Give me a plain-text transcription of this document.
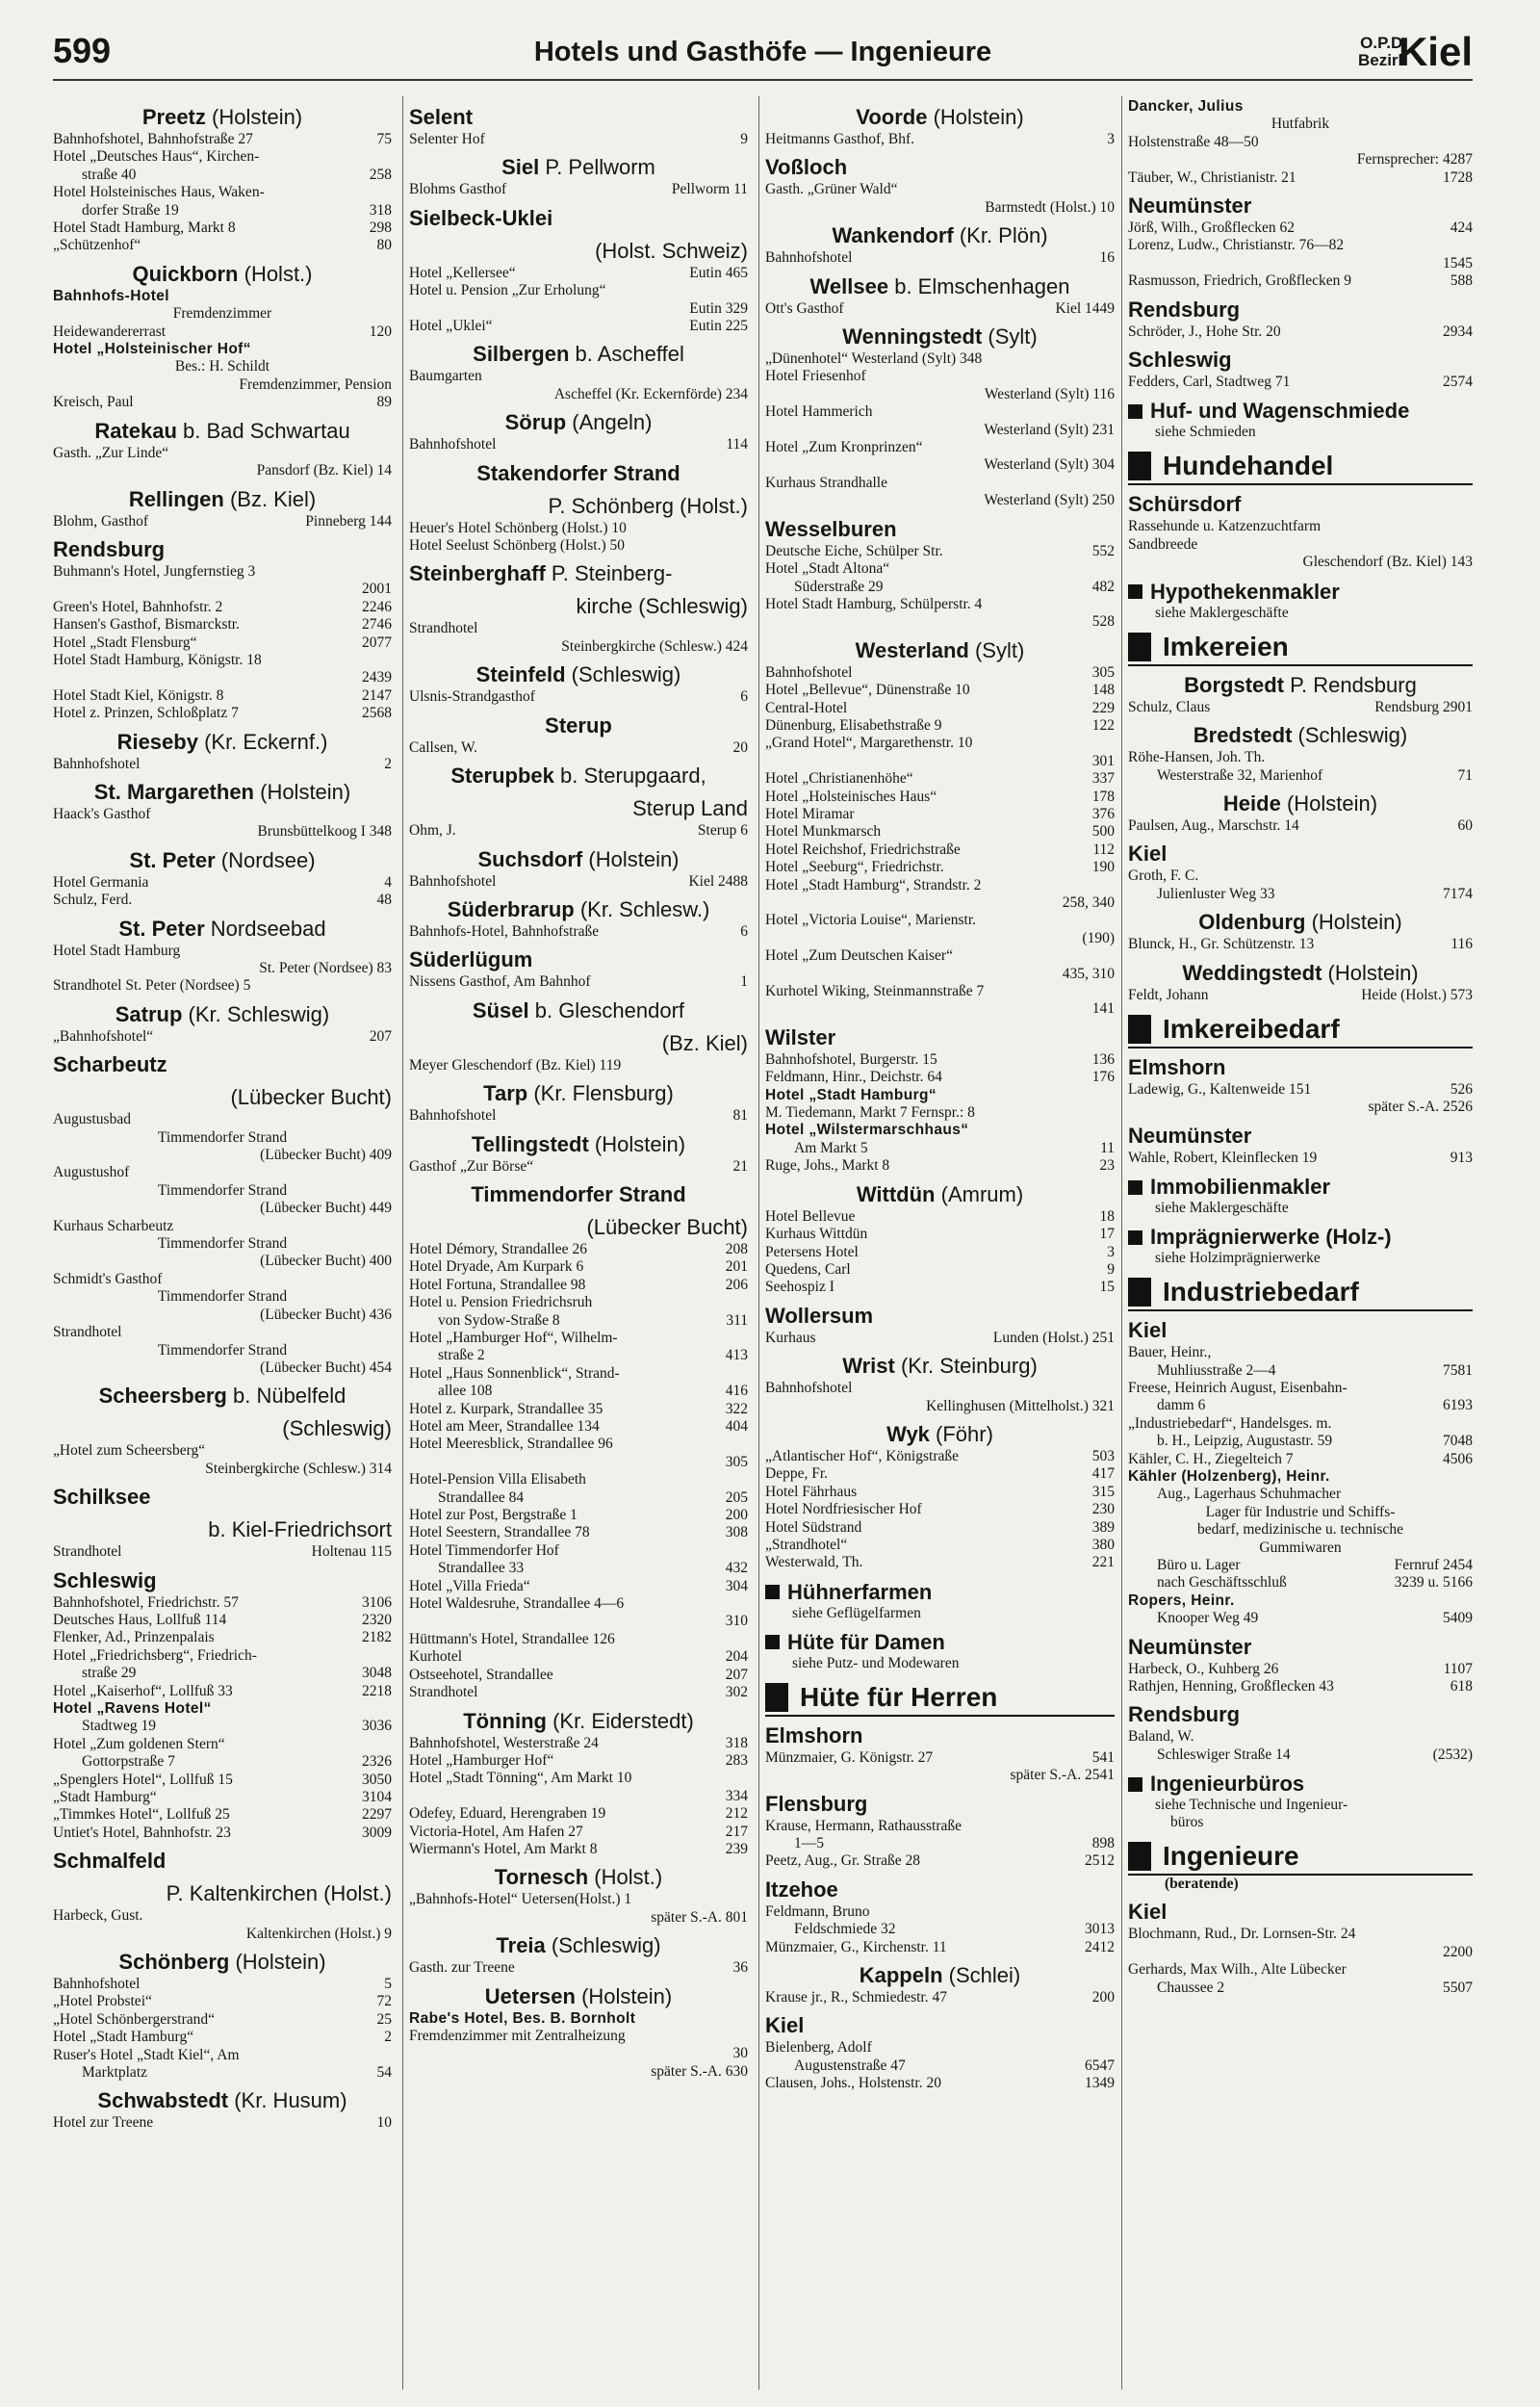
599	Hotels und Gasthöfe — Ingenieure	O.P.D.
Bezirk
Kiel
Preetz (Holstein)
Bahnhofshotel, Bahnhofstraße 27	75
Hotel „Deutsches Haus“, Kirchen-
straße 40	258
Hotel Holsteinisches Haus, Waken-
dorfer Straße 19	318
Hotel Stadt Hamburg, Markt 8	298
„Schützenhof“	80
Quickborn (Holst.)
Bahnhofs-Hotel
Fremdenzimmer
Heidewandererrast	120
Hotel „Holsteinischer Hof“
Bes.: H. Schildt
Fremdenzimmer, Pension
Kreisch, Paul	89
Ratekau b. Bad Schwartau
Gasth. „Zur Linde“
Pansdorf (Bz. Kiel) 14
Rellingen (Bz. Kiel)
Blohm, Gasthof	Pinneberg 144
Rendsburg
Buhmann's Hotel, Jungfernstieg 3
2001
Green's Hotel, Bahnhofstr. 2	2246
Hansen's Gasthof, Bismarckstr.	2746
Hotel „Stadt Flensburg“	2077
Hotel Stadt Hamburg, Königstr. 18
2439
Hotel Stadt Kiel, Königstr. 8	2147
Hotel z. Prinzen, Schloßplatz 7	2568
Rieseby (Kr. Eckernf.)
Bahnhofshotel	2
St. Margarethen (Holstein)
Haack's Gasthof
Brunsbüttelkoog I 348
St. Peter (Nordsee)
Hotel Germania	4
Schulz, Ferd.	48
St. Peter Nordseebad
Hotel Stadt Hamburg
St. Peter (Nordsee) 83
Strandhotel St. Peter (Nordsee) 5
Satrup (Kr. Schleswig)
„Bahnhofshotel“	207
Scharbeutz
(Lübecker Bucht)
Augustusbad
Timmendorfer Strand
(Lübecker Bucht) 409
Augustushof
Timmendorfer Strand
(Lübecker Bucht) 449
Kurhaus Scharbeutz
Timmendorfer Strand
(Lübecker Bucht) 400
Schmidt's Gasthof
Timmendorfer Strand
(Lübecker Bucht) 436
Strandhotel
Timmendorfer Strand
(Lübecker Bucht) 454
Scheersberg b. Nübelfeld
(Schleswig)
„Hotel zum Scheersberg“
Steinbergkirche (Schlesw.) 314
Schilksee
b. Kiel-Friedrichsort
Strandhotel	Holtenau 115
Schleswig
Bahnhofshotel, Friedrichstr. 57	3106
Deutsches Haus, Lollfuß 114	2320
Flenker, Ad., Prinzenpalais	2182
Hotel „Friedrichsberg“, Friedrich-
straße 29	3048
Hotel „Kaiserhof“, Lollfuß 33	2218
Hotel „Ravens Hotel“
Stadtweg 19	3036
Hotel „Zum goldenen Stern“
Gottorpstraße 7	2326
„Spenglers Hotel“, Lollfuß 15	3050
„Stadt Hamburg“	3104
„Timmkes Hotel“, Lollfuß 25	2297
Untiet's Hotel, Bahnhofstr. 23	3009
Schmalfeld
P. Kaltenkirchen (Holst.)
Harbeck, Gust.
Kaltenkirchen (Holst.) 9
Schönberg (Holstein)
Bahnhofshotel	5
„Hotel Probstei“	72
„Hotel Schönbergerstrand“	25
Hotel „Stadt Hamburg“	2
Ruser's Hotel „Stadt Kiel“, Am
Marktplatz	54
Schwabstedt (Kr. Husum)
Hotel zur Treene	10
Selent
Selenter Hof	9
Siel P. Pellworm
Blohms Gasthof	Pellworm 11
Sielbeck-Uklei
(Holst. Schweiz)
Hotel „Kellersee“	Eutin 465
Hotel u. Pension „Zur Erholung“
Eutin 329
Hotel „Uklei“	Eutin 225
Silbergen b. Ascheffel
Baumgarten
Ascheffel (Kr. Eckernförde) 234
Sörup (Angeln)
Bahnhofshotel	114
Stakendorfer Strand
P. Schönberg (Holst.)
Heuer's Hotel Schönberg (Holst.) 10
Hotel Seelust Schönberg (Holst.) 50
Steinberghaff P. Steinberg-
kirche (Schleswig)
Strandhotel
Steinbergkirche (Schlesw.) 424
Steinfeld (Schleswig)
Ulsnis-Strandgasthof	6
Sterup
Callsen, W.	20
Sterupbek b. Sterupgaard,
Sterup Land
Ohm, J.	Sterup 6
Suchsdorf (Holstein)
Bahnhofshotel	Kiel 2488
Süderbrarup (Kr. Schlesw.)
Bahnhofs-Hotel, Bahnhofstraße	6
Süderlügum
Nissens Gasthof, Am Bahnhof	1
Süsel b. Gleschendorf
(Bz. Kiel)
Meyer Gleschendorf (Bz. Kiel) 119
Tarp (Kr. Flensburg)
Bahnhofshotel	81
Tellingstedt (Holstein)
Gasthof „Zur Börse“	21
Timmendorfer Strand
(Lübecker Bucht)
Hotel Démory, Strandallee 26	208
Hotel Dryade, Am Kurpark 6	201
Hotel Fortuna, Strandallee 98	206
Hotel u. Pension Friedrichsruh
von Sydow-Straße 8	311
Hotel „Hamburger Hof“, Wilhelm-
straße 2	413
Hotel „Haus Sonnenblick“, Strand-
allee 108	416
Hotel z. Kurpark, Strandallee 35	322
Hotel am Meer, Strandallee 134	404
Hotel Meeresblick, Strandallee 96
305
Hotel-Pension Villa Elisabeth
Strandallee 84	205
Hotel zur Post, Bergstraße 1	200
Hotel Seestern, Strandallee 78	308
Hotel Timmendorfer Hof
Strandallee 33	432
Hotel „Villa Frieda“	304
Hotel Waldesruhe, Strandallee 4—6
310
Hüttmann's Hotel, Strandallee 126
Kurhotel	204
Ostseehotel, Strandallee	207
Strandhotel	302
Tönning (Kr. Eiderstedt)
Bahnhofshotel, Westerstraße 24	318
Hotel „Hamburger Hof“	283
Hotel „Stadt Tönning“, Am Markt 10
334
Odefey, Eduard, Herengraben 19	212
Victoria-Hotel, Am Hafen 27	217
Wiermann's Hotel, Am Markt 8	239
Tornesch (Holst.)
„Bahnhofs-Hotel“ Uetersen(Holst.) 1
später S.-A. 801
Treia (Schleswig)
Gasth. zur Treene	36
Uetersen (Holstein)
Rabe's Hotel, Bes. B. Bornholt
Fremdenzimmer mit Zentralheizung
30
später S.-A. 630
Voorde (Holstein)
Heitmanns Gasthof, Bhf.	3
Voßloch
Gasth. „Grüner Wald“
Barmstedt (Holst.) 10
Wankendorf (Kr. Plön)
Bahnhofshotel	16
Wellsee b. Elmschenhagen
Ott's Gasthof	Kiel 1449
Wenningstedt (Sylt)
„Dünenhotel“ Westerland (Sylt) 348
Hotel Friesenhof
Westerland (Sylt) 116
Hotel Hammerich
Westerland (Sylt) 231
Hotel „Zum Kronprinzen“
Westerland (Sylt) 304
Kurhaus Strandhalle
Westerland (Sylt) 250
Wesselburen
Deutsche Eiche, Schülper Str.	552
Hotel „Stadt Altona“
Süderstraße 29	482
Hotel Stadt Hamburg, Schülperstr. 4
528
Westerland (Sylt)
Bahnhofshotel	305
Hotel „Bellevue“, Dünenstraße 10	148
Central-Hotel	229
Dünenburg, Elisabethstraße 9	122
„Grand Hotel“, Margarethenstr. 10
301
Hotel „Christianenhöhe“	337
Hotel „Holsteinisches Haus“	178
Hotel Miramar	376
Hotel Munkmarsch	500
Hotel Reichshof, Friedrichstraße	112
Hotel „Seeburg“, Friedrichstr.	190
Hotel „Stadt Hamburg“, Strandstr. 2
258, 340
Hotel „Victoria Louise“, Marienstr.
(190)
Hotel „Zum Deutschen Kaiser“
435, 310
Kurhotel Wiking, Steinmannstraße 7
141
Wilster
Bahnhofshotel, Burgerstr. 15	136
Feldmann, Hinr., Deichstr. 64	176
Hotel „Stadt Hamburg“
M. Tiedemann, Markt 7 Fernspr.: 8
Hotel „Wilstermarschhaus“
Am Markt 5	11
Ruge, Johs., Markt 8	23
Wittdün (Amrum)
Hotel Bellevue	18
Kurhaus Wittdün	17
Petersens Hotel	3
Quedens, Carl	9
Seehospiz I	15
Wollersum
Kurhaus	Lunden (Holst.) 251
Wrist (Kr. Steinburg)
Bahnhofshotel
Kellinghusen (Mittelholst.) 321
Wyk (Föhr)
„Atlantischer Hof“, Königstraße	503
Deppe, Fr.	417
Hotel Fährhaus	315
Hotel Nordfriesischer Hof	230
Hotel Südstrand	389
„Strandhotel“	380
Westerwald, Th.	221
Hühnerfarmen
siehe Geflügelfarmen
Hüte für Damen
siehe Putz- und Modewaren
Hüte für Herren
Elmshorn
Münzmaier, G. Königstr. 27	541
später S.-A. 2541
Flensburg
Krause, Hermann, Rathausstraße
1—5	898
Peetz, Aug., Gr. Straße 28	2512
Itzehoe
Feldmann, Bruno
Feldschmiede 32	3013
Münzmaier, G., Kirchenstr. 11	2412
Kappeln (Schlei)
Krause jr., R., Schmiedestr. 47	200
Kiel
Bielenberg, Adolf
Augustenstraße 47	6547
Clausen, Johs., Holstenstr. 20	1349
Dancker, Julius
Hutfabrik
Holstenstraße 48—50
Fernsprecher: 4287
Täuber, W., Christianistr. 21	1728
Neumünster
Jörß, Wilh., Großflecken 62	424
Lorenz, Ludw., Christianstr. 76—82
1545
Rasmusson, Friedrich, Großflecken 9	588
Rendsburg
Schröder, J., Hohe Str. 20	2934
Schleswig
Fedders, Carl, Stadtweg 71	2574
Huf- und Wagenschmiede
siehe Schmieden
Hundehandel
Schürsdorf
Rassehunde u. Katzenzuchtfarm
Sandbreede
Gleschendorf (Bz. Kiel) 143
Hypothekenmakler
siehe Maklergeschäfte
Imkereien
Borgstedt P. Rendsburg
Schulz, Claus	Rendsburg 2901
Bredstedt (Schleswig)
Röhe-Hansen, Joh. Th.
Westerstraße 32, Marienhof	71
Heide (Holstein)
Paulsen, Aug., Marschstr. 14	60
Kiel
Groth, F. C.
Julienluster Weg 33	7174
Oldenburg (Holstein)
Blunck, H., Gr. Schützenstr. 13	116
Weddingstedt (Holstein)
Feldt, Johann	Heide (Holst.) 573
Imkereibedarf
Elmshorn
Ladewig, G., Kaltenweide 151	526
später S.-A. 2526
Neumünster
Wahle, Robert, Kleinflecken 19	913
Immobilienmakler
siehe Maklergeschäfte
Imprägnierwerke (Holz-)
siehe Holzimprägnierwerke
Industriebedarf
Kiel
Bauer, Heinr.,
Muhliusstraße 2—4	7581
Freese, Heinrich August, Eisenbahn-
damm 6	6193
„Industriebedarf“, Handelsges. m.
b. H., Leipzig, Augustastr. 59	7048
Kähler, C. H., Ziegelteich 7	4506
Kähler (Holzenberg), Heinr.
Aug., Lagerhaus Schuhmacher
Lager für Industrie und Schiffs-
bedarf, medizinische u. technische
Gummiwaren
Büro u. Lager	Fernruf 2454
nach Geschäftsschluß	3239 u. 5166
Ropers, Heinr.
Knooper Weg 49	5409
Neumünster
Harbeck, O., Kuhberg 26	1107
Rathjen, Henning, Großflecken 43	618
Rendsburg
Baland, W.
Schleswiger Straße 14	(2532)
Ingenieurbüros
siehe Technische und Ingenieur-
büros
Ingenieure
(beratende)
Kiel
Blochmann, Rud., Dr. Lornsen-Str. 24
2200
Gerhards, Max Wilh., Alte Lübecker
Chaussee 2	5507
